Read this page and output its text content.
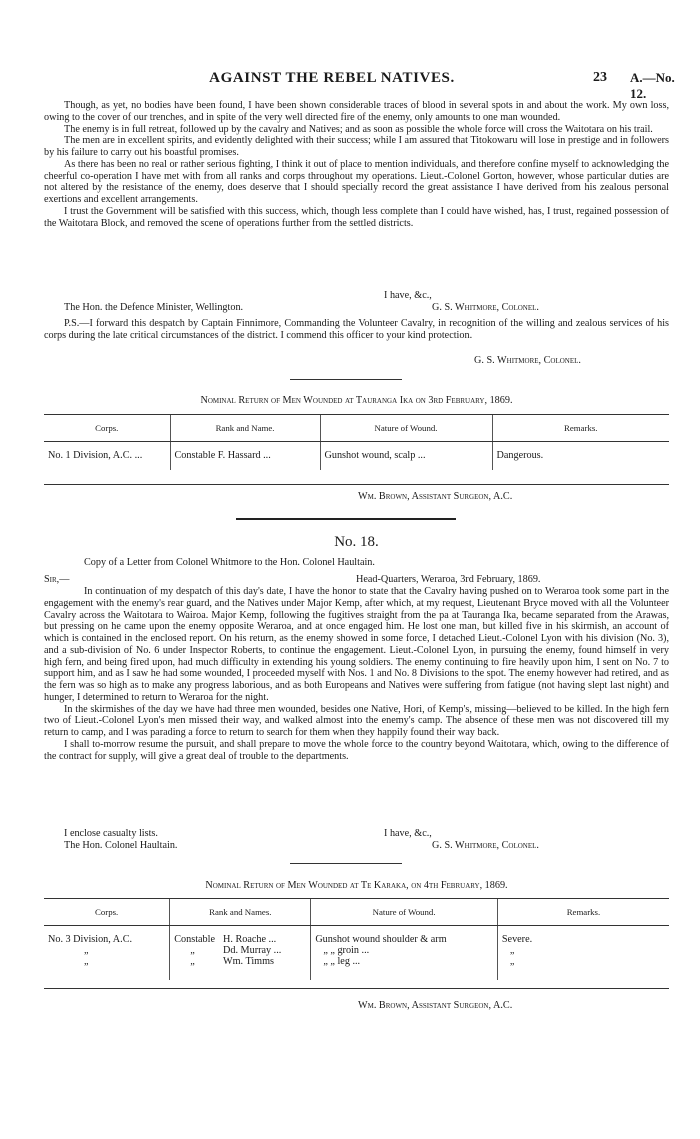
AGAINST THE REBEL NATIVES.	23 A.—No. 12.

Though, as yet, no bodies have been found, I have been shown considerable traces of blood in several spots in and about the work. My own loss, owing to the cover of our trenches, and in spite of the very well directed fire of the enemy, only amounts to one man wounded.

The enemy is in full retreat, followed up by the cavalry and Natives; and as soon as possible the whole force will cross the Waitotara on his trail.

The men are in excellent spirits, and evidently delighted with their success; while I am assured that Titokowaru will lose in prestige and in followers by his failure to carry out his boastful promises.

As there has been no real or rather serious fighting, I think it out of place to mention individuals, and therefore confine myself to acknowledging the cheerful co-operation I have met with from all ranks and corps throughout my operations. Lieut.-Colonel Gorton, however, whose particular duties are not altered by the resistance of the enemy, does deserve that I should specially record the great assistance I have derived from his zealous personal exertions and excellent arrangements.

I trust the Government will be satisfied with this success, which, though less complete than I could have wished, has, I trust, regained possession of the Waitotara Block, and removed the scene of operations further from the settled districts.

I have, &c.,
The Hon. the Defence Minister, Wellington.	G. S. Whitmore, Colonel.

P.S.—I forward this despatch by Captain Finnimore, Commanding the Volunteer Cavalry, in recognition of the willing and zealous services of his corps during the late critical circumstances of the district. I commend this officer to your kind protection.

G. S. Whitmore, Colonel.
Nominal Return of Men Wounded at Tauranga Ika on 3rd February, 1869.
Corps.	Rank and Name.	Nature of Wound.	Remarks.
No. 1 Division, A.C. ...	Constable F. Hassard ...	Gunshot wound, scalp ...	Dangerous.
Wm. Brown, Assistant Surgeon, A.C.
No. 18.

Copy of a Letter from Colonel Whitmore to the Hon. Colonel Haultain.

Sir,—	Head-Quarters, Weraroa, 3rd February, 1869.

In continuation of my despatch of this day's date, I have the honor to state that the Cavalry having pushed on to Weraroa took some part in the engagement with the enemy's rear guard, and the Natives under Major Kemp, after which, at my request, Lieutenant Bryce moved with all the Volunteer Cavalry across the Waitotara to Wairoa. Major Kemp, following the fugitives straight from the pa at Tauranga Ika, became separated from the Arawas, but pressing on he came upon the enemy opposite Weraroa, and at once engaged him. He lost one man, but killed five in his skirmish, an account of which is contained in the enclosed report. On his return, as the enemy showed in some force, I detached Lieut.-Colonel Lyon with his division (No. 3), and a sub-division of No. 6 under Inspector Roberts, to continue the engagement. Lieut.-Colonel Lyon, in pursuing the enemy, found himself in very high fern, and being fired upon, had much difficulty in extending his young soldiers. The enemy continuing to fire heavily upon him, I sent on No. 7 to support him, and as I saw he had some wounded, I proceeded myself with Nos. 1 and No. 8 Divisions to the spot. The enemy however had retired, and as the fern was so high as to make any progress laborious, and as both Europeans and Natives were suffering from fatigue (not having slept last night) and hunger, I determined to return to Weraroa for the night.

In the skirmishes of the day we have had three men wounded, besides one Native, Hori, of Kemp's, missing—believed to be killed. In the high fern two of Lieut.-Colonel Lyon's men missed their way, and walked almost into the enemy's camp. The absence of these men was not discovered till my return to camp, and I was parading a force to return to search for them when they happily found their way back.

I shall to-morrow resume the pursuit, and shall prepare to move the whole force to the country beyond Waitotara, which, owing to the difference of the contract for supply, will give a great deal of trouble to the departments.

I enclose casualty lists.	I have, &c.,
The Hon. Colonel Haultain.	G. S. Whitmore, Colonel.
Nominal Return of Men Wounded at Te Karaka, on 4th February, 1869.
Corps.	Rank and Names.		Nature of Wound.	Remarks.
No. 3 Division, A.C.	Constable	H. Roache ...	Gunshot wound shoulder & arm	Severe.
„	„	Dd. Murray ...	„ „ groin ...	„
„	„	Wm. Timms	„ „ leg ...	„
Wm. Brown, Assistant Surgeon, A.C.
